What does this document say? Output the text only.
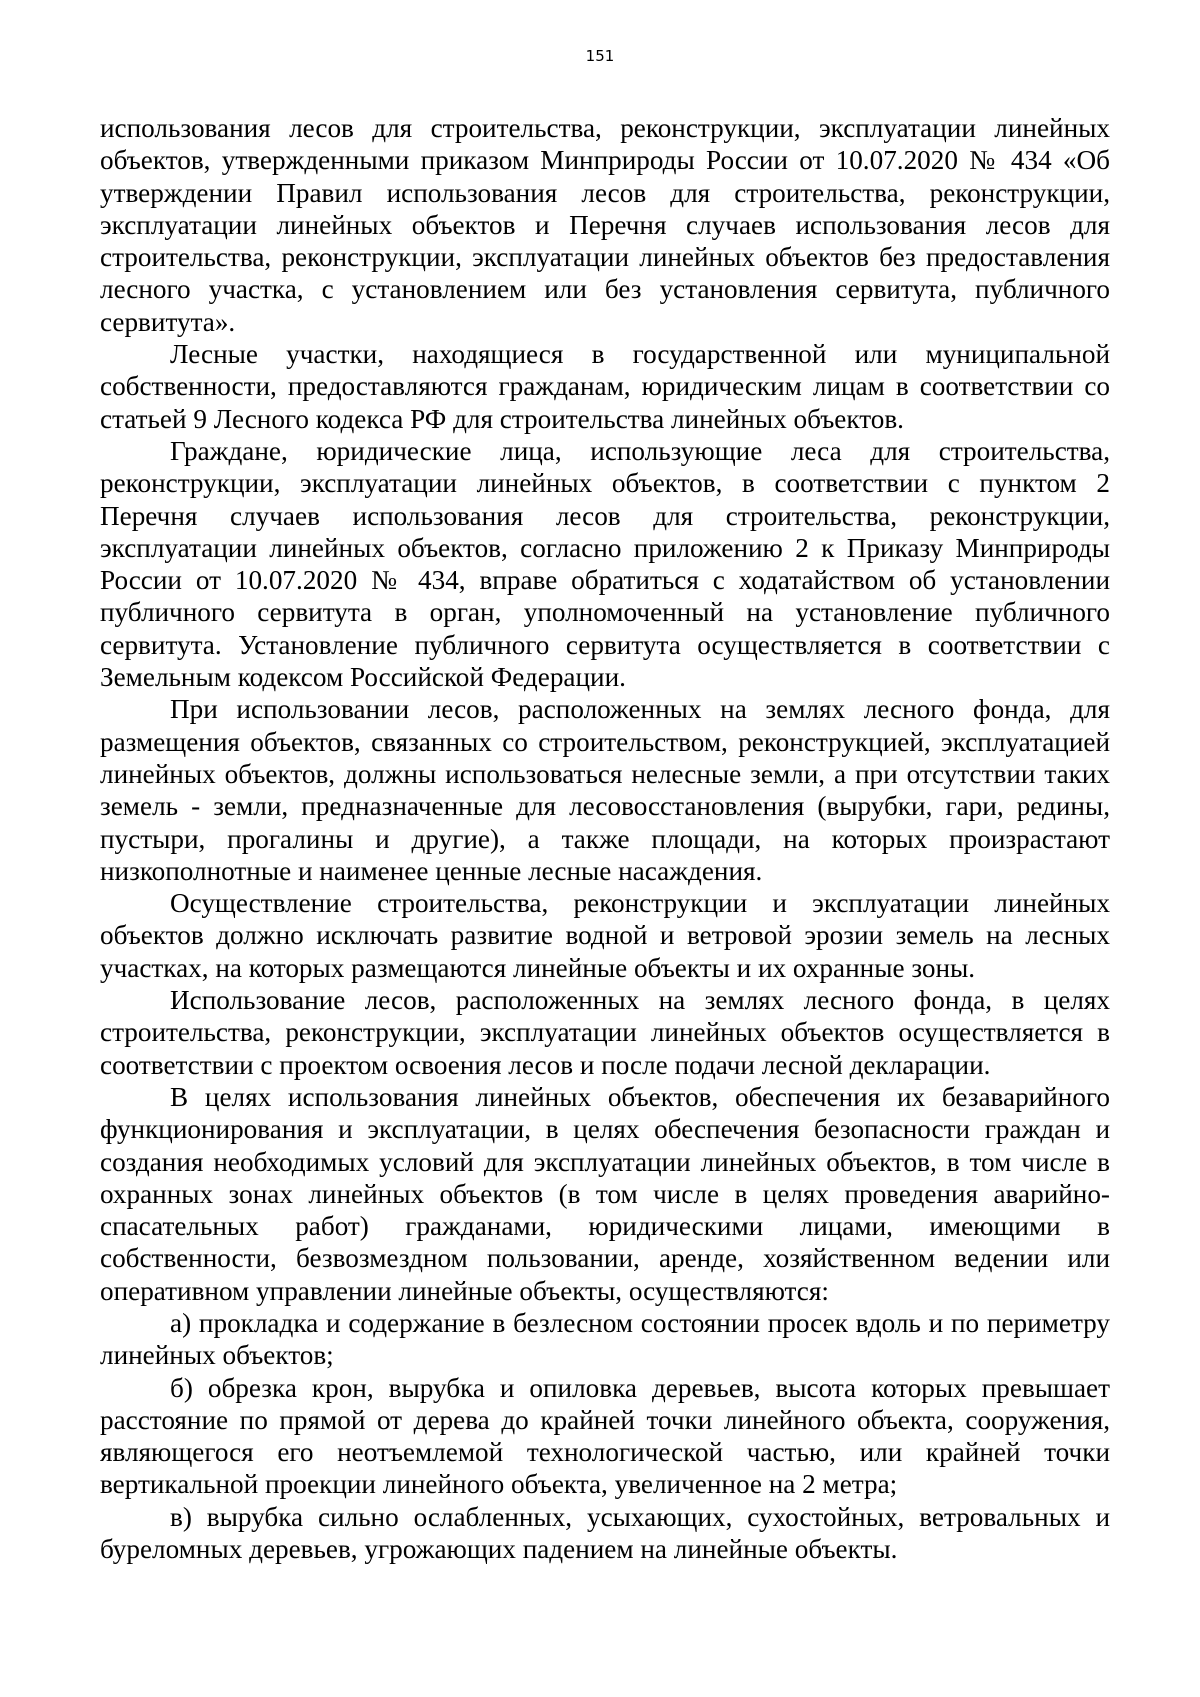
151

использования лесов для строительства, реконструкции, эксплуатации линейных объектов, утвержденными приказом Минприроды России от 10.07.2020 № 434 «Об утверждении Правил использования лесов для строительства, реконструкции, эксплуатации линейных объектов и Перечня случаев использования лесов для строительства, реконструкции, эксплуатации линейных объектов без предоставления лесного участка, с установлением или без установления сервитута, публичного сервитута».

Лесные участки, находящиеся в государственной или муниципальной собственности, предоставляются гражданам, юридическим лицам в соответствии со статьей 9 Лесного кодекса РФ для строительства линейных объектов.

Граждане, юридические лица, использующие леса для строительства, реконструкции, эксплуатации линейных объектов, в соответствии с пунктом 2 Перечня случаев использования лесов для строительства, реконструкции, эксплуатации линейных объектов, согласно приложению 2 к Приказу Минприроды России от 10.07.2020 № 434, вправе обратиться с ходатайством об установлении публичного сервитута в орган, уполномоченный на установление публичного сервитута. Установление публичного сервитута осуществляется в соответствии с Земельным кодексом Российской Федерации.

При использовании лесов, расположенных на землях лесного фонда, для размещения объектов, связанных со строительством, реконструкцией, эксплуатацией линейных объектов, должны использоваться нелесные земли, а при отсутствии таких земель - земли, предназначенные для лесовосстановления (вырубки, гари, редины, пустыри, прогалины и другие), а также площади, на которых произрастают низкополнотные и наименее ценные лесные насаждения.

Осуществление строительства, реконструкции и эксплуатации линейных объектов должно исключать развитие водной и ветровой эрозии земель на лесных участках, на которых размещаются линейные объекты и их охранные зоны.

Использование лесов, расположенных на землях лесного фонда, в целях строительства, реконструкции, эксплуатации линейных объектов осуществляется в соответствии с проектом освоения лесов и после подачи лесной декларации.

В целях использования линейных объектов, обеспечения их безаварийного функционирования и эксплуатации, в целях обеспечения безопасности граждан и создания необходимых условий для эксплуатации линейных объектов, в том числе в охранных зонах линейных объектов (в том числе в целях проведения аварийно-спасательных работ) гражданами, юридическими лицами, имеющими в собственности, безвозмездном пользовании, аренде, хозяйственном ведении или оперативном управлении линейные объекты, осуществляются:

а) прокладка и содержание в безлесном состоянии просек вдоль и по периметру линейных объектов;

б) обрезка крон, вырубка и опиловка деревьев, высота которых превышает расстояние по прямой от дерева до крайней точки линейного объекта, сооружения, являющегося его неотъемлемой технологической частью, или крайней точки вертикальной проекции линейного объекта, увеличенное на 2 метра;

в) вырубка сильно ослабленных, усыхающих, сухостойных, ветровальных и буреломных деревьев, угрожающих падением на линейные объекты.
